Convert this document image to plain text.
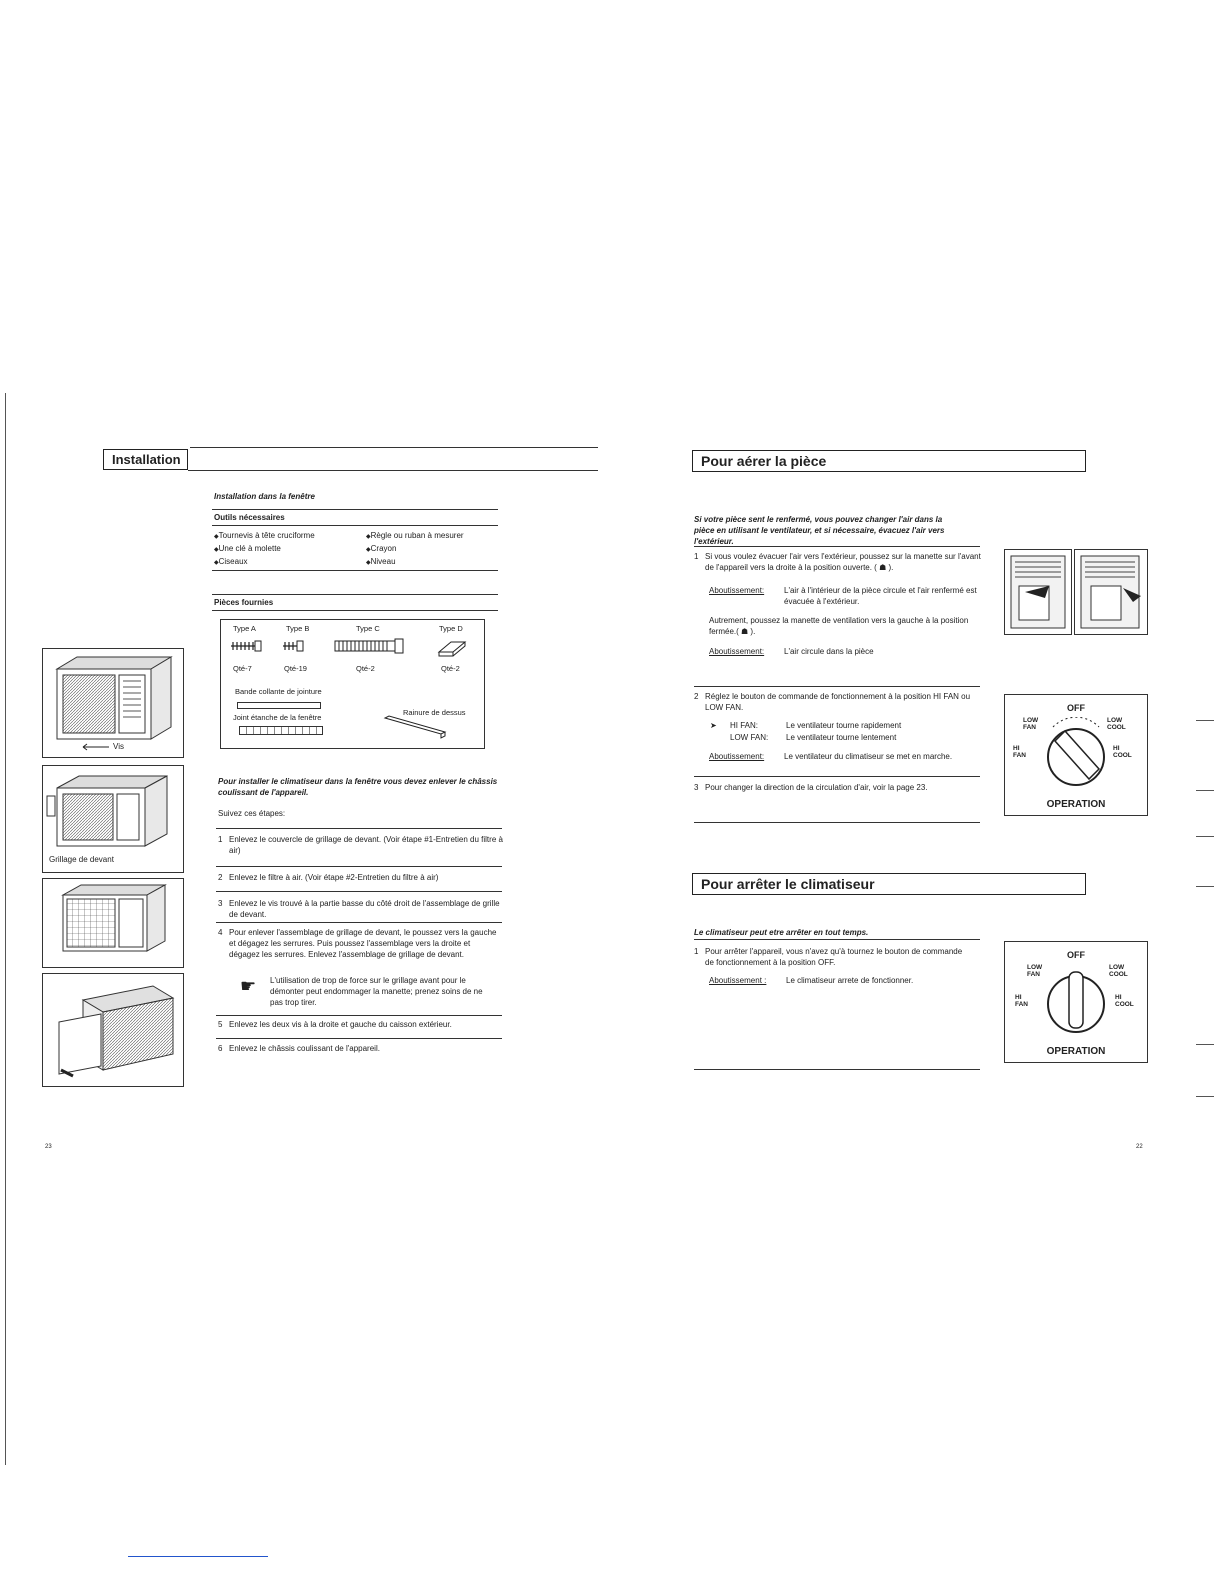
Installation
Installation dans la fenêtre
Outils nécessaires
◆ Tournevis à tête cruciforme
◆ Une clé à molette
◆ Ciseaux
◆ Règle ou ruban à mesurer
◆ Crayon
◆ Niveau
Pièces fournies
Type A	Type B	Type C	Type D
Qté-7	Qté-19	Qté-2	Qté-2
Bande collante de jointure
Joint étanche de la fenêtre
Rainure de dessus
Pour installer le climatiseur dans la fenêtre vous devez enlever le châssis coulissant de l'appareil.
Suivez ces étapes:
1 Enlevez le couvercle de grillage de devant. (Voir étape #1-Entretien du filtre à air)
2 Enlevez le filtre à air. (Voir étape #2-Entretien du filtre à air)
3 Enlevez le vis trouvé à la partie basse du côté droit de l'assemblage de grille de devant.
4 Pour enlever l'assemblage de grillage de devant, le poussez vers la gauche et dégagez les serrures. Puis poussez l'assemblage vers la droite et dégagez les serrures. Enlevez l'assemblage de grillage de devant.
☛ L'utilisation de trop de force sur le grillage avant pour le démonter peut endommager la manette; prenez soins de ne pas trop tirer.
5 Enlevez les deux vis à la droite et gauche du caisson extérieur.
6 Enlevez le châssis coulissant de l'appareil.
Vis
Grillage de devant
23
Pour aérer la pièce
Si votre pièce sent le renfermé, vous pouvez changer l'air dans la pièce en utilisant le ventilateur, et si nécessaire, évacuez l'air vers l'extérieur.
1 Si vous voulez évacuer l'air vers l'extérieur, poussez sur la manette sur l'avant de l'appareil vers la droite à la position ouverte. ( ☗ ).
Aboutissement: L'air à l'intérieur de la pièce circule et l'air renfermé est évacuée à l'extérieur.
Autrement, poussez la manette de ventilation vers la gauche à la position fermée.( ☗ ).
Aboutissement: L'air circule dans la pièce
2 Réglez le bouton de commande de fonctionnement à la position HI FAN ou LOW FAN.
➤ HI FAN:	Le ventilateur tourne rapidement
LOW FAN: Le ventilateur tourne lentement
Aboutissement: Le ventilateur du climatiseur se met en marche.
3 Pour changer la direction de la circulation d'air, voir la page 23.
OFF
LOW FAN
LOW COOL
HI FAN
HI COOL
OPERATION
Pour arrêter le climatiseur
Le climatiseur peut etre arrêter en tout temps.
1 Pour arrêter l'appareil, vous n'avez qu'à tournez le bouton de commande de fonctionnement à la position OFF.
Aboutissement : Le climatiseur arrete de fonctionner.
OFF
LOW FAN
LOW COOL
HI FAN
HI COOL
OPERATION
22
